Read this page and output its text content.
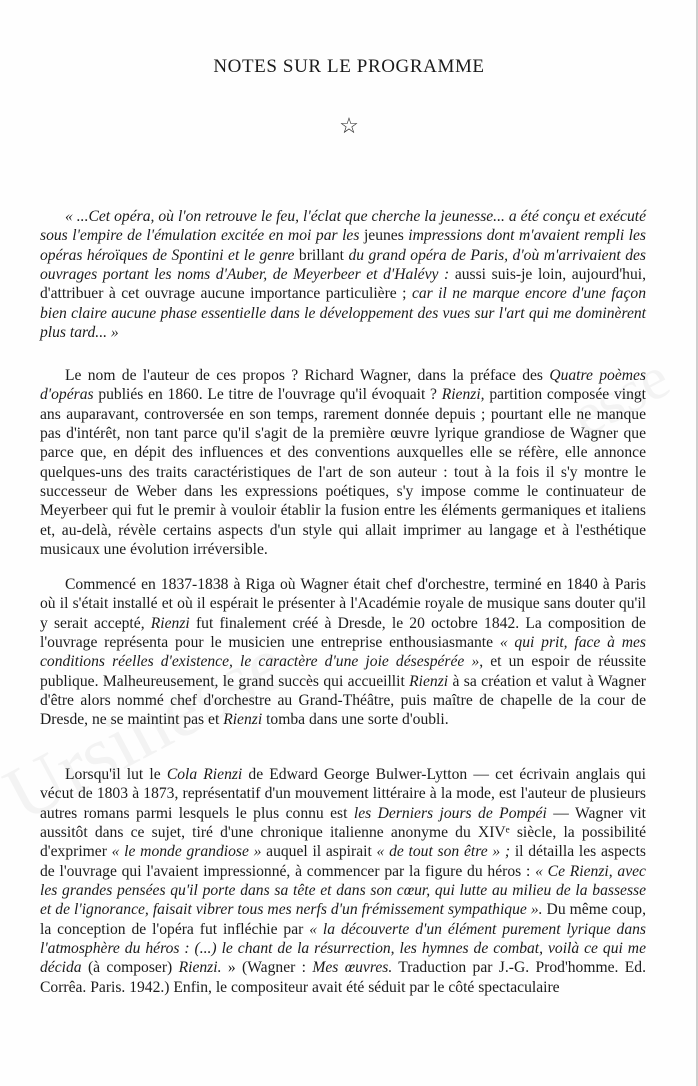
NOTES SUR LE PROGRAMME
☆

« ...Cet opéra, où l'on retrouve le feu, l'éclat que cherche la jeunesse... a été conçu et exécuté sous l'empire de l'émulation excitée en moi par les jeunes impressions dont m'avaient rempli les opéras héroïques de Spontini et le genre brillant du grand opéra de Paris, d'où m'arrivaient des ouvrages portant les noms d'Auber, de Meyerbeer et d'Halévy : aussi suis-je loin, aujourd'hui, d'attribuer à cet ouvrage aucune importance particulière ; car il ne marque encore d'une façon bien claire aucune phase essentielle dans le développement des vues sur l'art qui me dominèrent plus tard... »

Le nom de l'auteur de ces propos ? Richard Wagner, dans la préface des Quatre poèmes d'opéras publiés en 1860. Le titre de l'ouvrage qu'il évoquait ? Rienzi, partition composée vingt ans auparavant, controversée en son temps, rarement donnée depuis ; pourtant elle ne manque pas d'intérêt, non tant parce qu'il s'agit de la première œuvre lyrique grandiose de Wagner que parce que, en dépit des influences et des conventions auxquelles elle se réfère, elle annonce quelques-uns des traits caractéristiques de l'art de son auteur : tout à la fois il s'y montre le successeur de Weber dans les expressions poétiques, s'y impose comme le continuateur de Meyerbeer qui fut le premir à vouloir établir la fusion entre les éléments germaniques et italiens et, au-delà, révèle certains aspects d'un style qui allait imprimer au langage et à l'esthétique musicaux une évolution irréversible.

Commencé en 1837-1838 à Riga où Wagner était chef d'orchestre, terminé en 1840 à Paris où il s'était installé et où il espérait le présenter à l'Académie royale de musique sans douter qu'il y serait accepté, Rienzi fut finalement créé à Dresde, le 20 octobre 1842. La composition de l'ouvrage représenta pour le musicien une entreprise enthousiasmante « qui prit, face à mes conditions réelles d'existence, le caractère d'une joie désespérée », et un espoir de réussite publique. Malheureusement, le grand succès qui accueillit Rienzi à sa création et valut à Wagner d'être alors nommé chef d'orchestre au Grand-Théâtre, puis maître de chapelle de la cour de Dresde, ne se maintint pas et Rienzi tomba dans une sorte d'oubli.

Lorsqu'il lut le Cola Rienzi de Edward George Bulwer-Lytton — cet écrivain anglais qui vécut de 1803 à 1873, représentatif d'un mouvement littéraire à la mode, est l'auteur de plusieurs autres romans parmi lesquels le plus connu est les Derniers jours de Pompéi — Wagner vit aussitôt dans ce sujet, tiré d'une chronique italienne anonyme du XIVᵉ siècle, la possibilité d'exprimer « le monde grandiose » auquel il aspirait « de tout son être » ; il détailla les aspects de l'ouvrage qui l'avaient impressionné, à commencer par la figure du héros : « Ce Rienzi, avec les grandes pensées qu'il porte dans sa tête et dans son cœur, qui lutte au milieu de la bassesse et de l'ignorance, faisait vibrer tous mes nerfs d'un frémissement sympathique ». Du même coup, la conception de l'opéra fut infléchie par « la découverte d'un élément purement lyrique dans l'atmosphère du héros : (...) le chant de la résurrection, les hymnes de combat, voilà ce qui me décida (à composer) Rienzi. » (Wagner : Mes œuvres. Traduction par J.-G. Prod'homme. Ed. Corrêa. Paris. 1942.) Enfin, le compositeur avait été séduit par le côté spectaculaire
